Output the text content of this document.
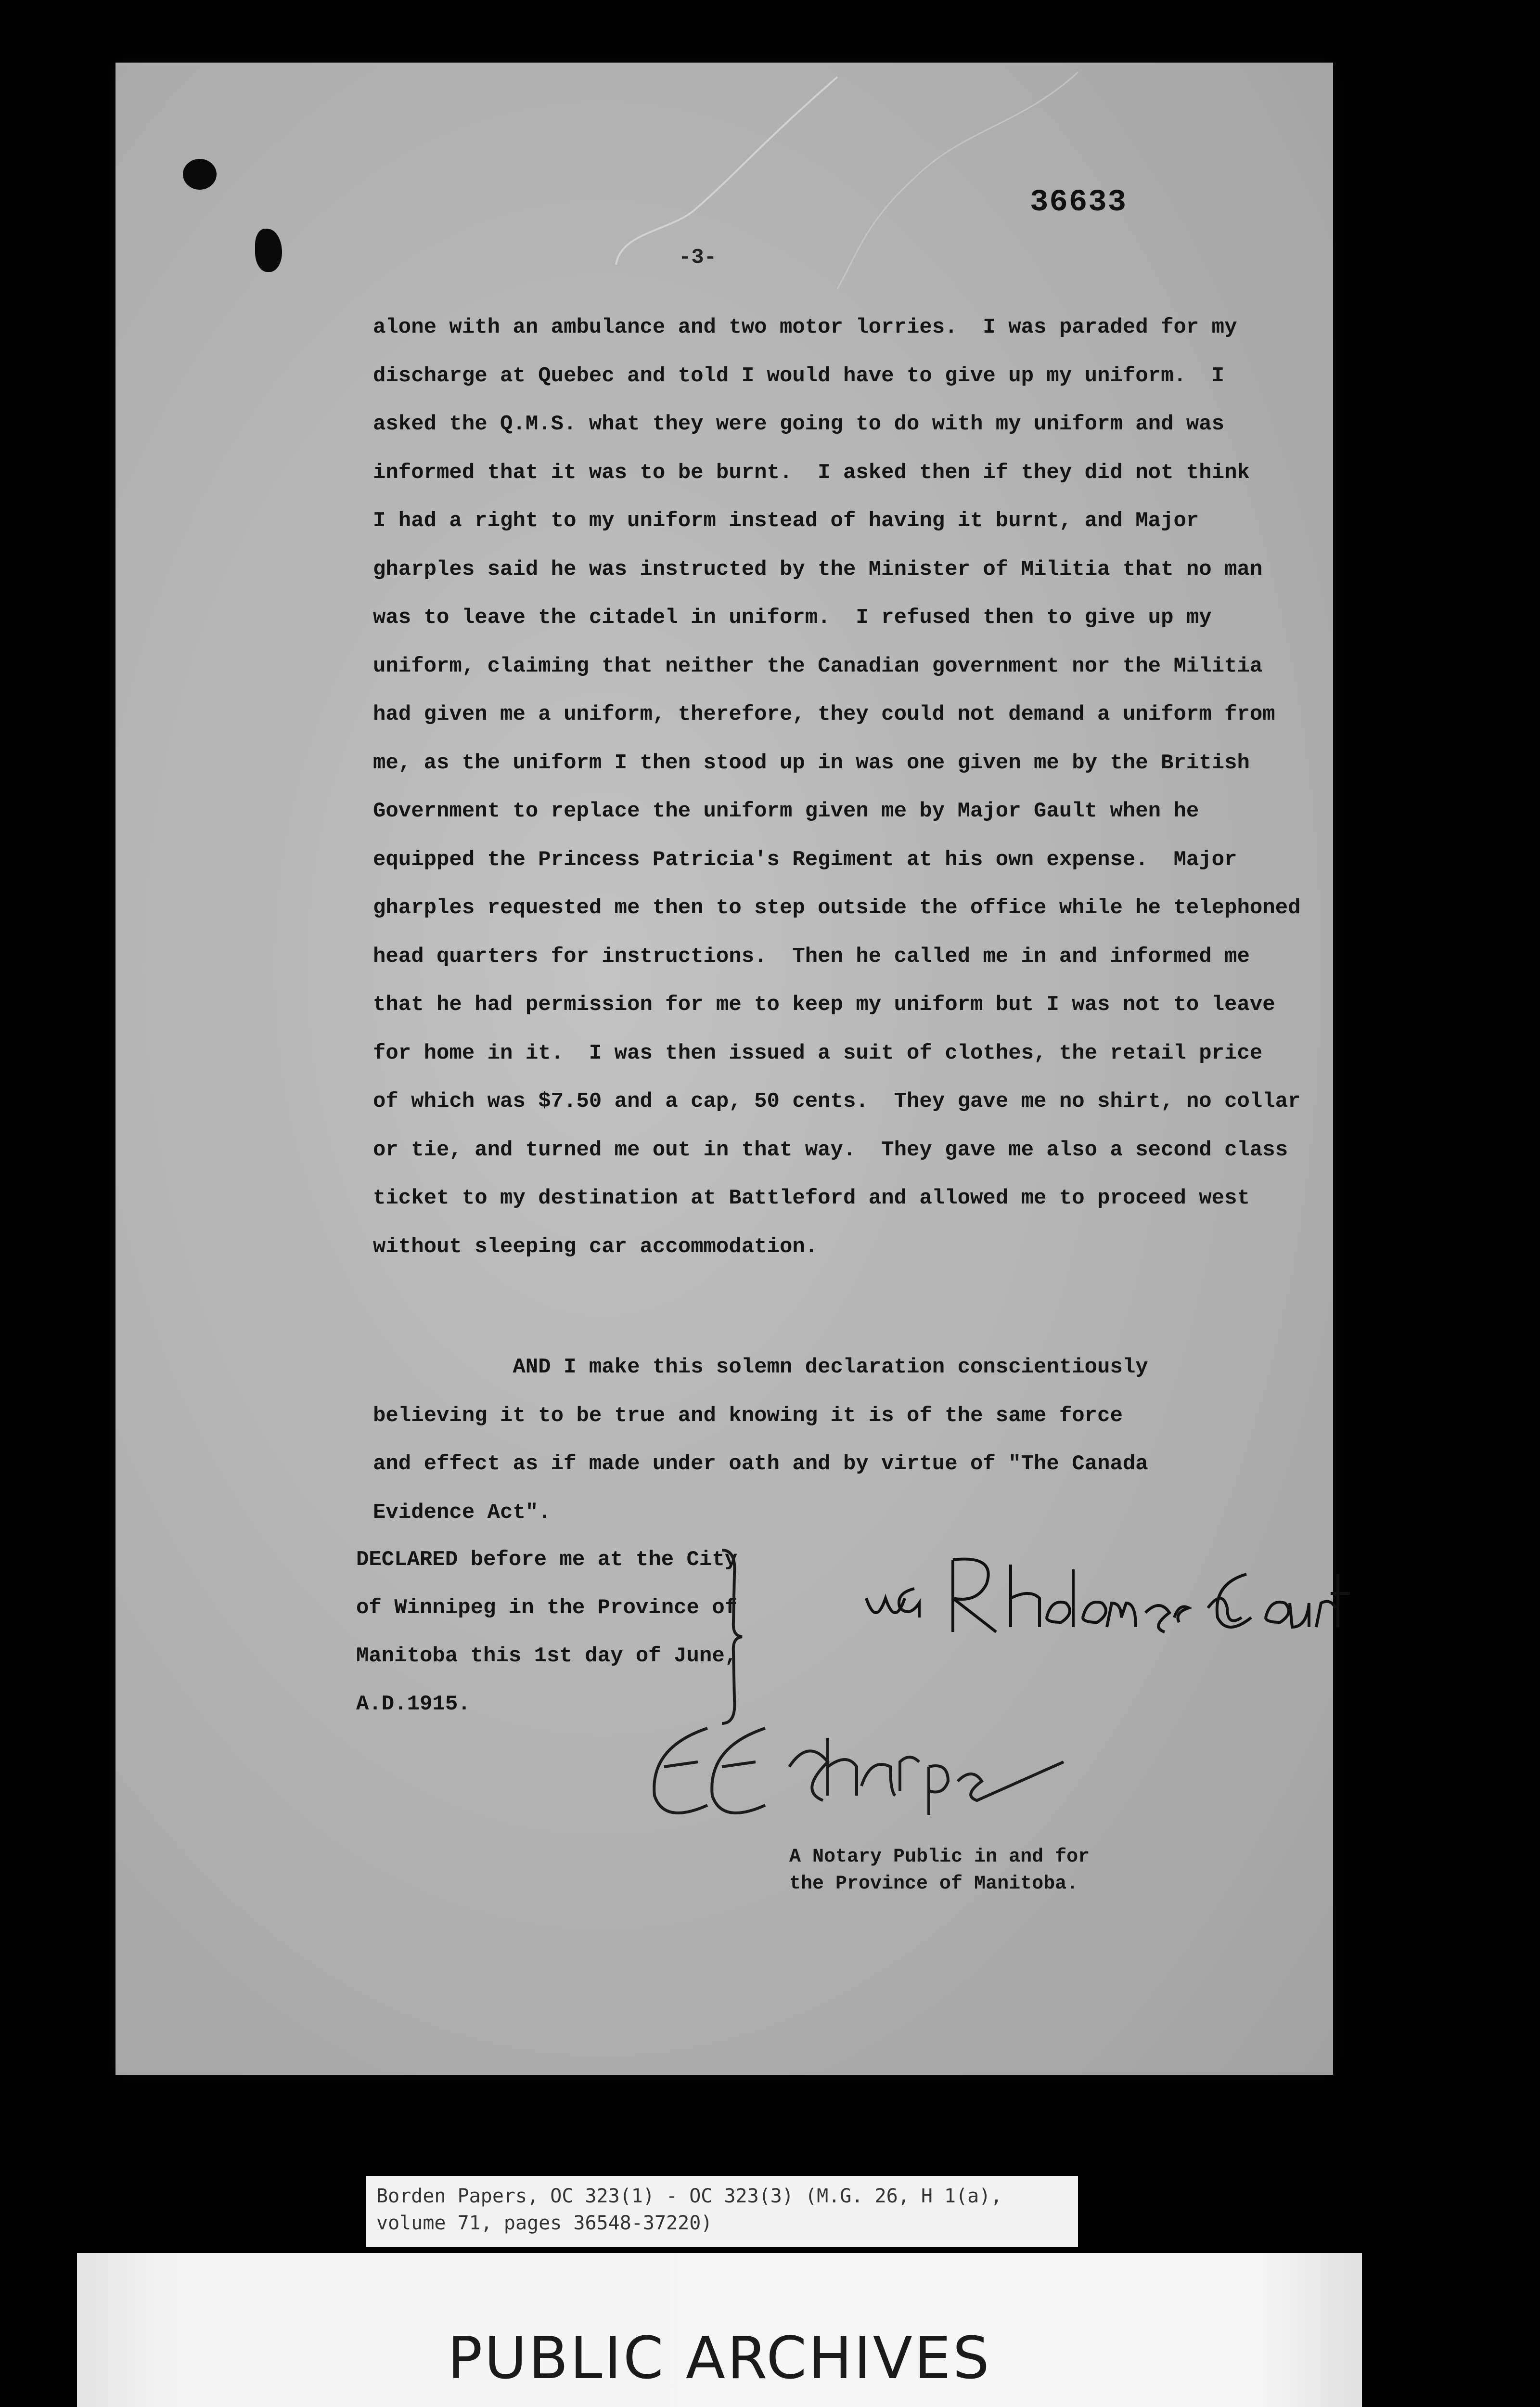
36633
-3-
alone with an ambulance and two motor lorries.  I was paraded for my
discharge at Quebec and told I would have to give up my uniform.  I
asked the Q.M.S. what they were going to do with my uniform and was
informed that it was to be burnt.  I asked then if they did not think
I had a right to my uniform instead of having it burnt, and Major
gharples said he was instructed by the Minister of Militia that no man
was to leave the citadel in uniform.  I refused then to give up my
uniform, claiming that neither the Canadian government nor the Militia
had given me a uniform, therefore, they could not demand a uniform from
me, as the uniform I then stood up in was one given me by the British
Government to replace the uniform given me by Major Gault when he
equipped the Princess Patricia's Regiment at his own expense.  Major
gharples requested me then to step outside the office while he telephoned
head quarters for instructions.  Then he called me in and informed me
that he had permission for me to keep my uniform but I was not to leave
for home in it.  I was then issued a suit of clothes, the retail price
of which was $7.50 and a cap, 50 cents.  They gave me no shirt, no collar
or tie, and turned me out in that way.  They gave me also a second class
ticket to my destination at Battleford and allowed me to proceed west
without sleeping car accommodation.
AND I make this solemn declaration conscientiously
believing it to be true and knowing it is of the same force
and effect as if made under oath and by virtue of "The Canada
Evidence Act".
DECLARED before me at the City
of Winnipeg in the Province of
Manitoba this 1st day of June,
A.D.1915.
A Notary Public in and for
the Province of Manitoba.
Borden Papers, OC 323(1) - OC 323(3) (M.G. 26, H 1(a),
volume 71, pages 36548-37220)
PUBLIC ARCHIVES
